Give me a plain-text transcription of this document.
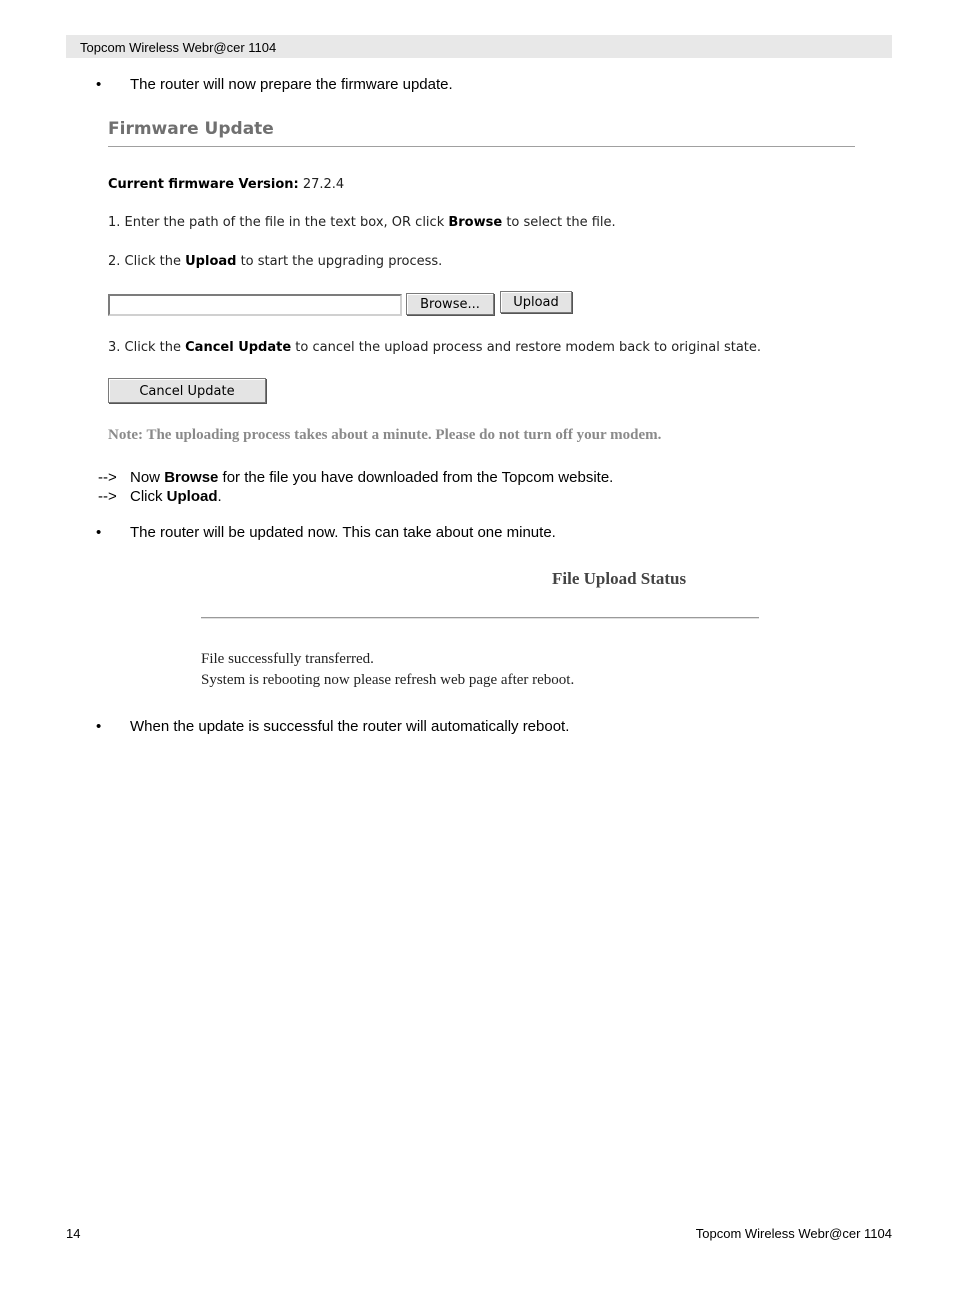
Topcom Wireless Webr@cer 1104
• The router will now prepare the firmware update.
Firmware Update
Current firmware Version: 27.2.4
1. Enter the path of the file in the text box, OR click Browse to select the file.
2. Click the Upload to start the upgrading process.
Browse...	Upload
3. Click the Cancel Update to cancel the upload process and restore modem back to original state.
Cancel Update
Note: The uploading process takes about a minute. Please do not turn off your modem.
--> Now Browse for the file you have downloaded from the Topcom website.
--> Click Upload.
• The router will be updated now. This can take about one minute.
File Upload Status
File successfully transferred.
System is rebooting now please refresh web page after reboot.
• When the update is successful the router will automatically reboot.
14	Topcom Wireless Webr@cer 1104
